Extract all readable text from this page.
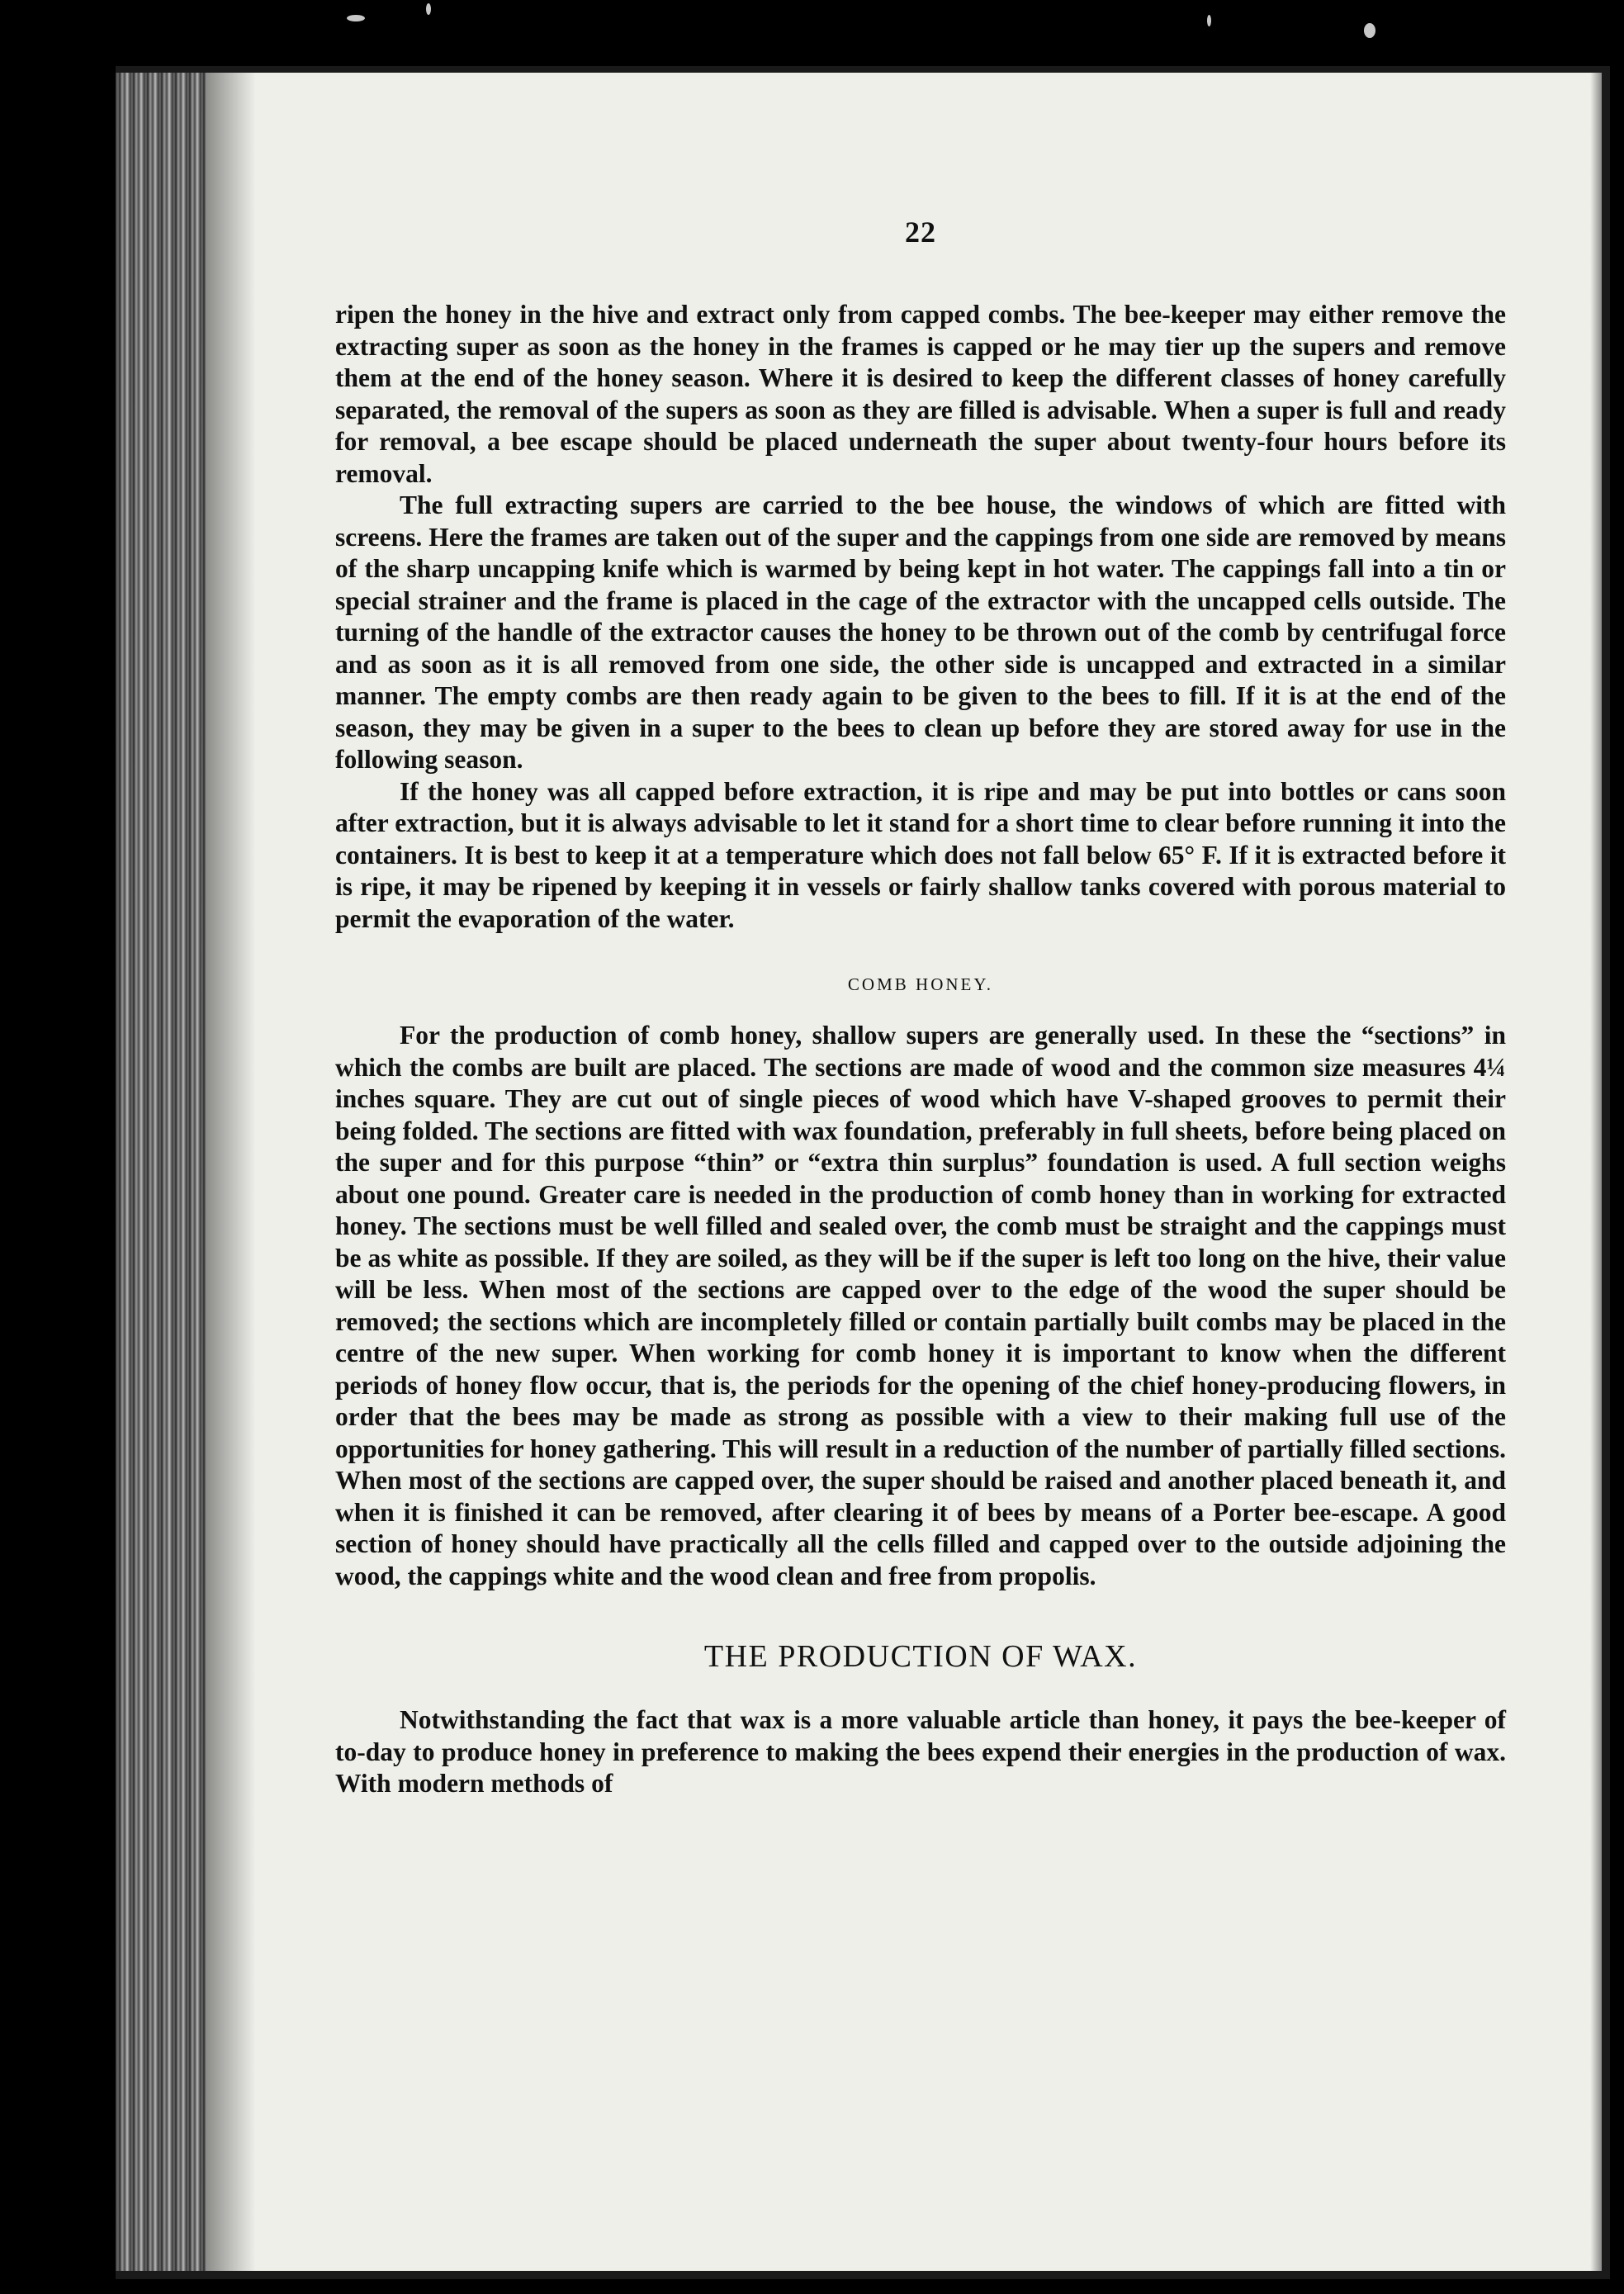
22

ripen the honey in the hive and extract only from capped combs. The bee-keeper may either remove the extracting super as soon as the honey in the frames is capped or he may tier up the supers and remove them at the end of the honey season. Where it is desired to keep the different classes of honey carefully separated, the removal of the supers as soon as they are filled is advisable. When a super is full and ready for removal, a bee escape should be placed underneath the super about twenty-four hours before its removal.

The full extracting supers are carried to the bee house, the windows of which are fitted with screens. Here the frames are taken out of the super and the cappings from one side are removed by means of the sharp uncapping knife which is warmed by being kept in hot water. The cappings fall into a tin or special strainer and the frame is placed in the cage of the extractor with the uncapped cells outside. The turning of the handle of the extractor causes the honey to be thrown out of the comb by centrifugal force and as soon as it is all removed from one side, the other side is uncapped and extracted in a similar manner. The empty combs are then ready again to be given to the bees to fill. If it is at the end of the season, they may be given in a super to the bees to clean up before they are stored away for use in the following season.

If the honey was all capped before extraction, it is ripe and may be put into bottles or cans soon after extraction, but it is always advisable to let it stand for a short time to clear before running it into the containers. It is best to keep it at a temperature which does not fall below 65° F. If it is extracted before it is ripe, it may be ripened by keeping it in vessels or fairly shallow tanks covered with porous material to permit the evaporation of the water.

COMB HONEY.

For the production of comb honey, shallow supers are generally used. In these the “sections” in which the combs are built are placed. The sections are made of wood and the common size measures 4¼ inches square. They are cut out of single pieces of wood which have V-shaped grooves to permit their being folded. The sections are fitted with wax foundation, preferably in full sheets, before being placed on the super and for this purpose “thin” or “extra thin surplus” foundation is used. A full section weighs about one pound. Greater care is needed in the production of comb honey than in working for extracted honey. The sections must be well filled and sealed over, the comb must be straight and the cappings must be as white as possible. If they are soiled, as they will be if the super is left too long on the hive, their value will be less. When most of the sections are capped over to the edge of the wood the super should be removed; the sections which are incompletely filled or contain partially built combs may be placed in the centre of the new super. When working for comb honey it is important to know when the different periods of honey flow occur, that is, the periods for the opening of the chief honey-producing flowers, in order that the bees may be made as strong as possible with a view to their making full use of the opportunities for honey gathering. This will result in a reduction of the number of partially filled sections. When most of the sections are capped over, the super should be raised and another placed beneath it, and when it is finished it can be removed, after clearing it of bees by means of a Porter bee-escape. A good section of honey should have practically all the cells filled and capped over to the outside adjoining the wood, the cappings white and the wood clean and free from propolis.

THE PRODUCTION OF WAX.

Notwithstanding the fact that wax is a more valuable article than honey, it pays the bee-keeper of to-day to produce honey in preference to making the bees expend their energies in the production of wax. With modern methods of
